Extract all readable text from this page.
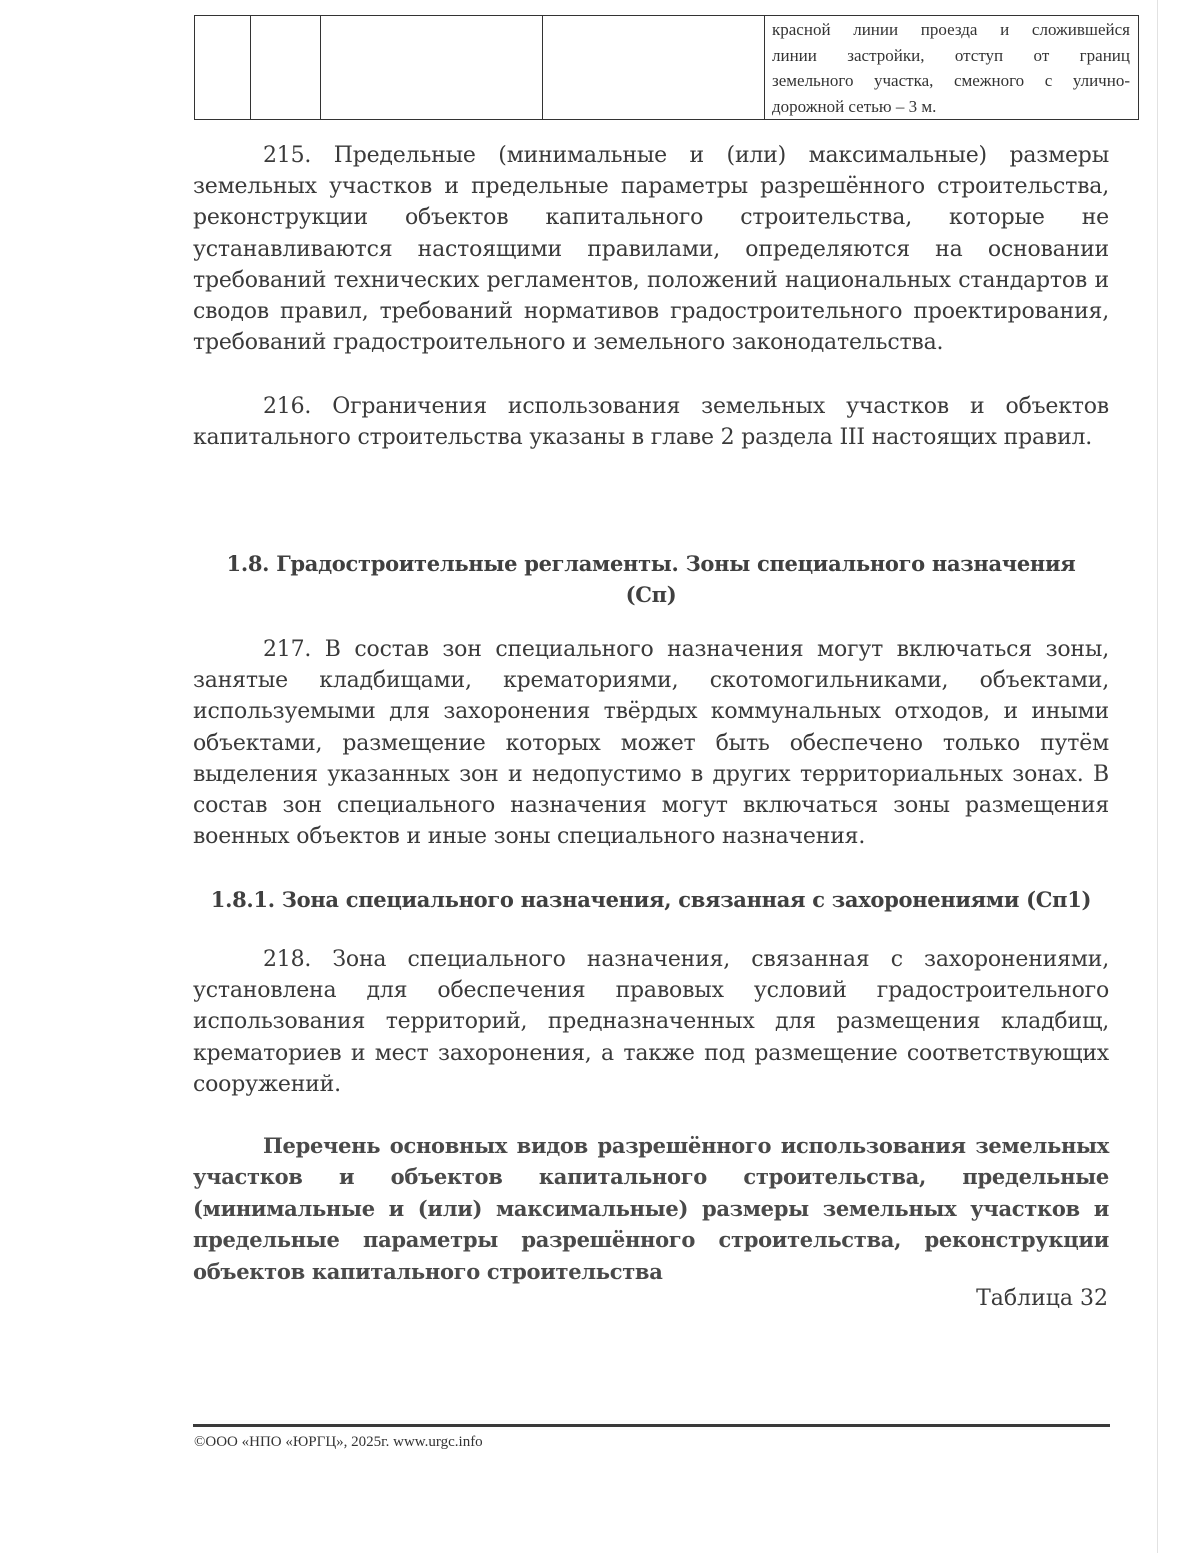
красной линии проезда и сложившейся
линии застройки, отступ от границ
земельного участка, смежного с улично-
дорожной сетью – 3 м.

215. Предельные (минимальные и (или) максимальные) размеры земельных участков и предельные параметры разрешённого строительства, реконструкции объектов капитального строительства, которые не устанавливаются настоящими правилами, определяются на основании требований технических регламентов, положений национальных стандартов и сводов правил, требований нормативов градостроительного проектирования, требований градостроительного и земельного законодательства.

216. Ограничения использования земельных участков и объектов капитального строительства указаны в главе 2 раздела III настоящих правил.

1.8. Градостроительные регламенты. Зоны специального назначения (Сп)

217. В состав зон специального назначения могут включаться зоны, занятые кладбищами, крематориями, скотомогильниками, объектами, используемыми для захоронения твёрдых коммунальных отходов, и иными объектами, размещение которых может быть обеспечено только путём выделения указанных зон и недопустимо в других территориальных зонах. В состав зон специального назначения могут включаться зоны размещения военных объектов и иные зоны специального назначения.

1.8.1. Зона специального назначения, связанная с захоронениями (Сп1)

218. Зона специального назначения, связанная с захоронениями, установлена для обеспечения правовых условий градостроительного использования территорий, предназначенных для размещения кладбищ, крематориев и мест захоронения, а также под размещение соответствующих сооружений.

Перечень основных видов разрешённого использования земельных участков и объектов капитального строительства, предельные (минимальные и (или) максимальные) размеры земельных участков и предельные параметры разрешённого строительства, реконструкции объектов капитального строительства

Таблица 32

©ООО «НПО «ЮРГЦ», 2025г. www.urgc.info
